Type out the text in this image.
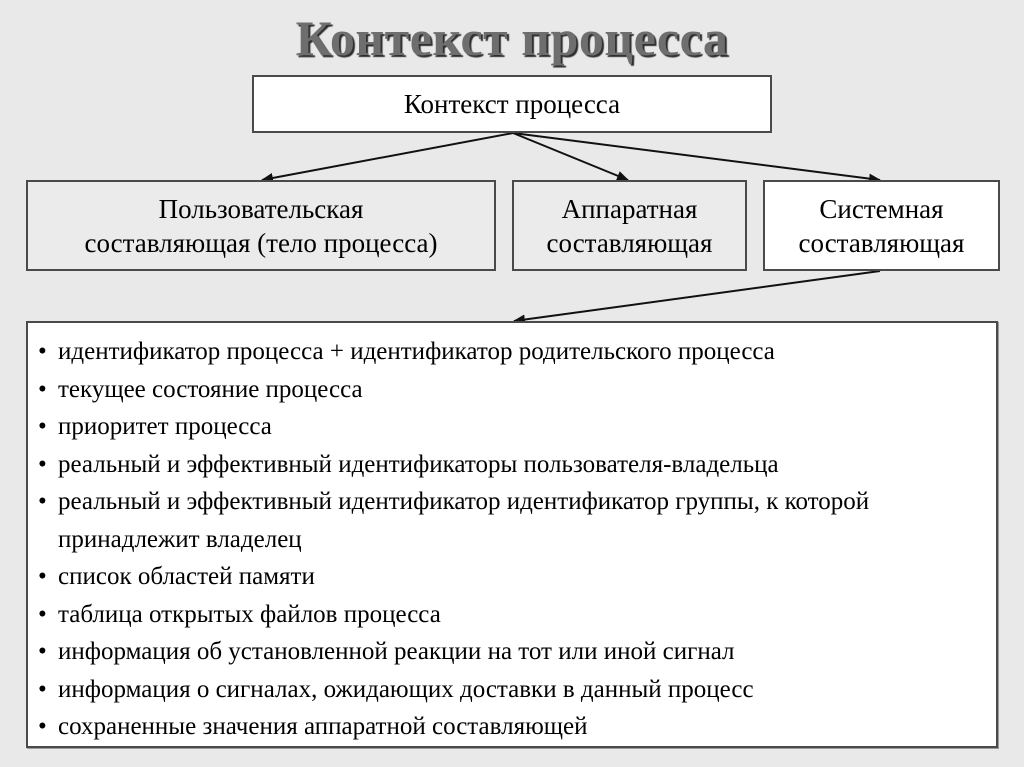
Контекст процесса
Контекст процесса
Пользовательская
составляющая (тело процесса)
Аппаратная
составляющая
Системная
составляющая
• идентификатор процесса + идентификатор родительского процесса
• текущее состояние процесса
• приоритет процесса
• реальный и эффективный идентификаторы пользователя-владельца
• реальный и эффективный идентификатор идентификатор группы, к которой принадлежит владелец
• список областей памяти
• таблица открытых файлов процесса
• информация об установленной реакции на тот или иной сигнал
• информация о сигналах, ожидающих доставки в данный процесс
• сохраненные значения аппаратной составляющей
